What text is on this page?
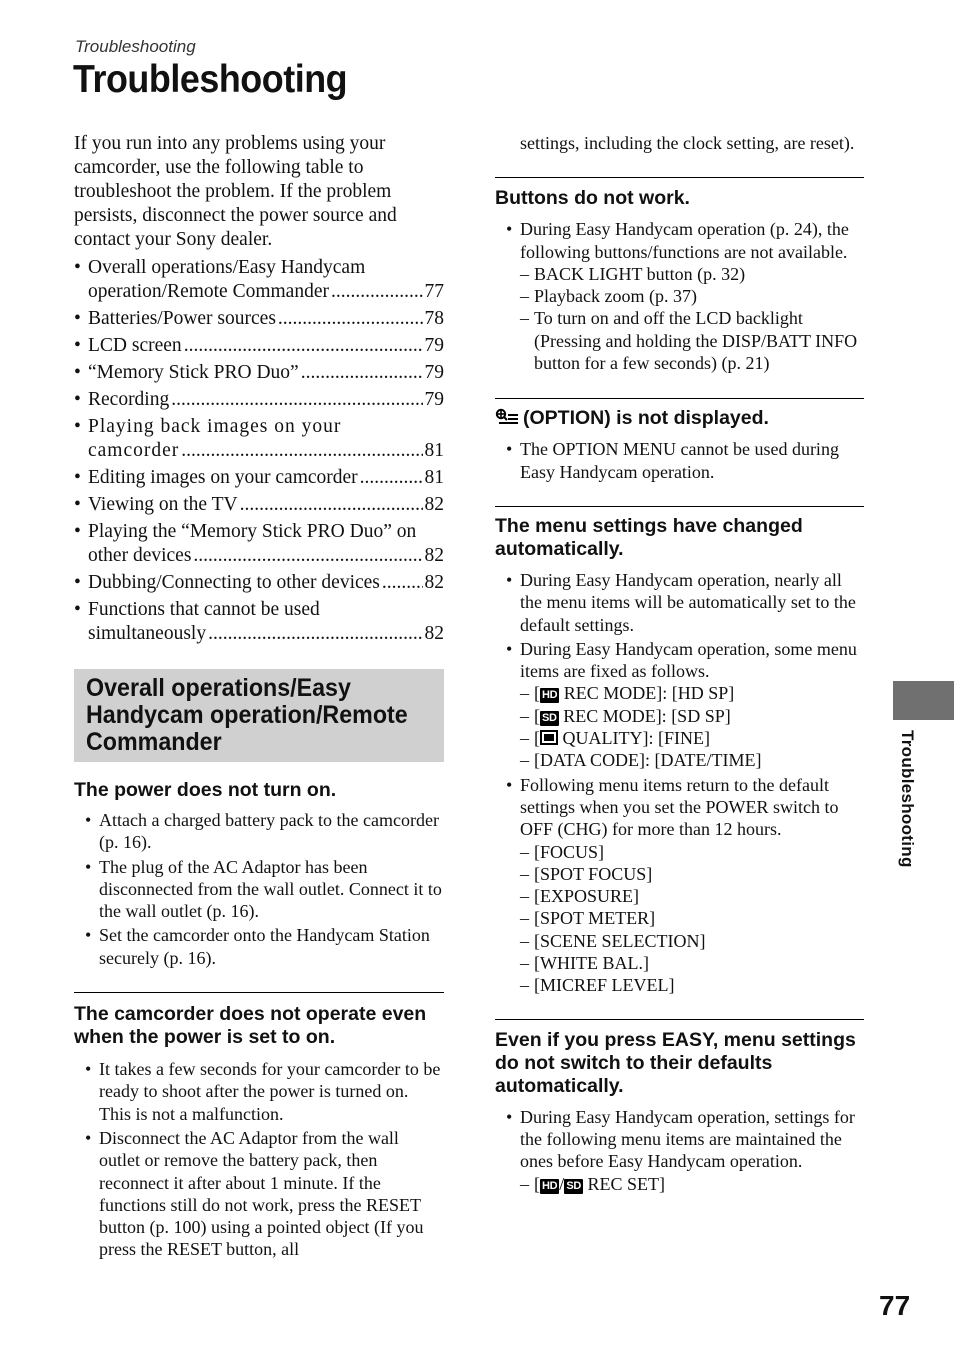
Troubleshooting
Troubleshooting

If you run into any problems using your camcorder, use the following table to troubleshoot the problem. If the problem persists, disconnect the power source and contact your Sony dealer.

• Overall operations/Easy Handycam
operation/Remote Commander .....	77
• Batteries/Power sources .....	78
• LCD screen .....	79
• “Memory Stick PRO Duo” .....	79
• Recording .....	79
• Playing back images on your
camcorder .....	81
• Editing images on your camcorder .....	81
• Viewing on the TV .....	82
• Playing the “Memory Stick PRO Duo” on
other devices .....	82
• Dubbing/Connecting to other devices ..... 82
• Functions that cannot be used
simultaneously .....	82
Overall operations/Easy
Handycam operation/Remote
Commander
The power does not turn on.
• Attach a charged battery pack to the camcorder (p. 16).
• The plug of the AC Adaptor has been disconnected from the wall outlet. Connect it to the wall outlet (p. 16).
• Set the camcorder onto the Handycam Station securely (p. 16).
The camcorder does not operate even when the power is set to on.
• It takes a few seconds for your camcorder to be ready to shoot after the power is turned on. This is not a malfunction.
• Disconnect the AC Adaptor from the wall outlet or remove the battery pack, then reconnect it after about 1 minute. If the functions still do not work, press the RESET button (p. 100) using a pointed object (If you press the RESET button, all

settings, including the clock setting, are reset).

Buttons do not work.
• During Easy Handycam operation (p. 24), the following buttons/functions are not available.
– BACK LIGHT button (p. 32)
– Playback zoom (p. 37)
– To turn on and off the LCD backlight (Pressing and holding the DISP/BATT INFO button for a few seconds) (p. 21)
(OPTION) is not displayed.
• The OPTION MENU cannot be used during Easy Handycam operation.
The menu settings have changed automatically.
• During Easy Handycam operation, nearly all the menu items will be automatically set to the default settings.
• During Easy Handycam operation, some menu items are fixed as follows.
– [ HD REC MODE]: [HD SP]
– [ SD REC MODE]: [SD SP]
– [ QUALITY]: [FINE]
– [DATA CODE]: [DATE/TIME]
• Following menu items return to the default settings when you set the POWER switch to OFF (CHG) for more than 12 hours.
– [FOCUS]
– [SPOT FOCUS]
– [EXPOSURE]
– [SPOT METER]
– [SCENE SELECTION]
– [WHITE BAL.]
– [MICREF LEVEL]
Even if you press EASY, menu settings do not switch to their defaults automatically.
• During Easy Handycam operation, settings for the following menu items are maintained the ones before Easy Handycam operation.
– [ HD / SD REC SET]
Troubleshooting
77
